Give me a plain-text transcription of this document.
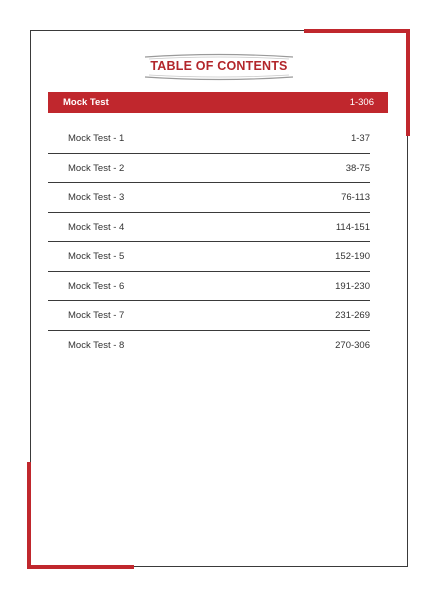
TABLE OF CONTENTS
Mock Test	1-306
Mock Test - 1	1-37
Mock Test - 2	38-75
Mock Test - 3	76-113
Mock Test - 4	114-151
Mock Test - 5	152-190
Mock Test - 6	191-230
Mock Test - 7	231-269
Mock Test - 8	270-306
